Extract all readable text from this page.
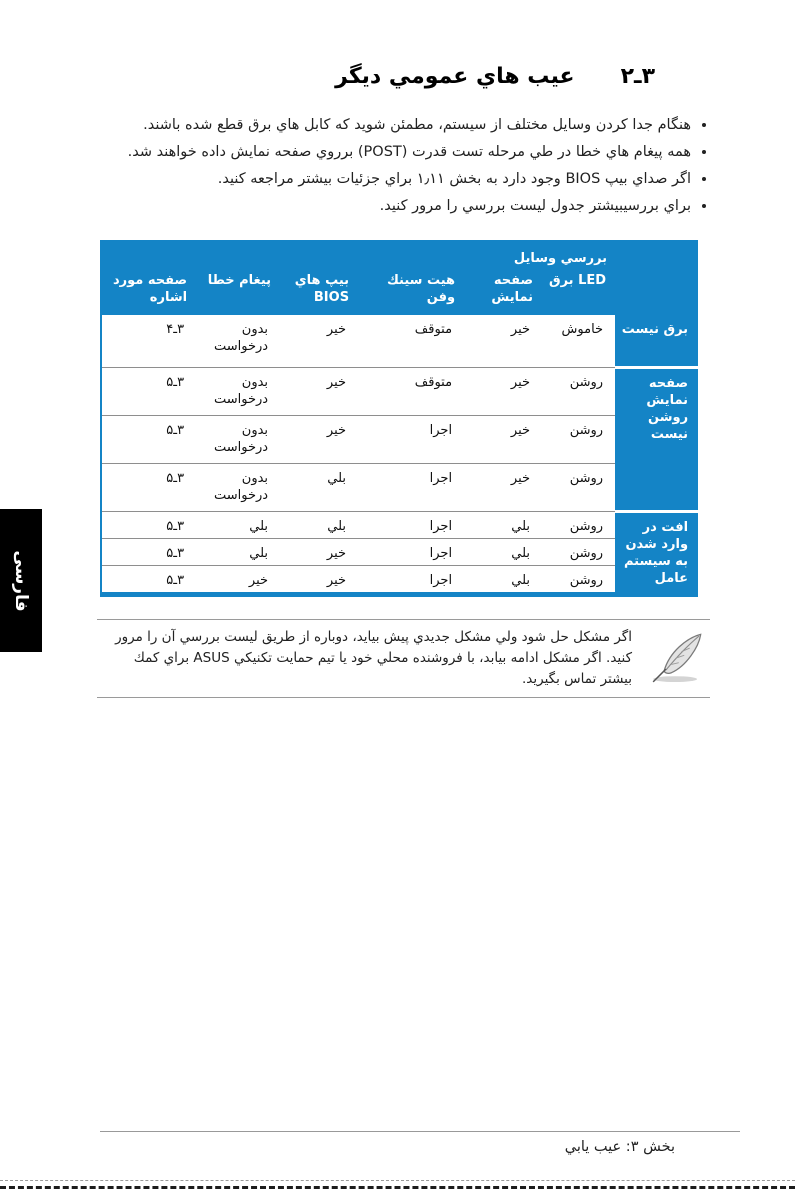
۳ـ۲
عيب هاي عمومي ديگر
• هنگام جدا كردن وسايل مختلف از سيستم، مطمئن شويد كه كابل هاي برق قطع شده باشند.
• همه پيغام هاي خطا در طي مرحله تست قدرت (POST) برروي صفحه نمايش داده خواهند شد.
• اگر صداي بيپ BIOS وجود دارد به بخش ۱٫۱۱ براي جزئيات بيشتر مراجعه كنيد.
• براي بررسيبيشتر جدول ليست بررسي را مرور كنيد.
	بررسي وسايل					
	LED برق	صفحه نمايش	هيت سينك وفن	بيپ هاي BIOS	پيغام خطا	صفحه مورد اشاره
برق نيست	خاموش	خير	متوقف	خير	بدون درخواست	۳ـ۴
صفحه نمايش روشن نيست	روشن	خير	متوقف	خير	بدون درخواست	۳ـ۵
	روشن	خير	اجرا	خير	بدون درخواست	۳ـ۵
	روشن	خير	اجرا	بلي	بدون درخواست	۳ـ۵
افت در وارد شدن به سيستم عامل	روشن	بلي	اجرا	بلي	بلي	۳ـ۵
	روشن	بلي	اجرا	خير	بلي	۳ـ۵
	روشن	بلي	اجرا	خير	خير	۳ـ۵
اگر مشكل حل شود ولي مشكل جديدي پيش بيايد، دوباره از طريق ليست بررسي آن را مرور كنيد. اگر مشكل ادامه بيابد، با فروشنده محلي خود يا تيم حمايت تكنيكي ASUS براي كمك بيشتر تماس بگيريد.
بخش ۳: عيب يابي
فارسی
